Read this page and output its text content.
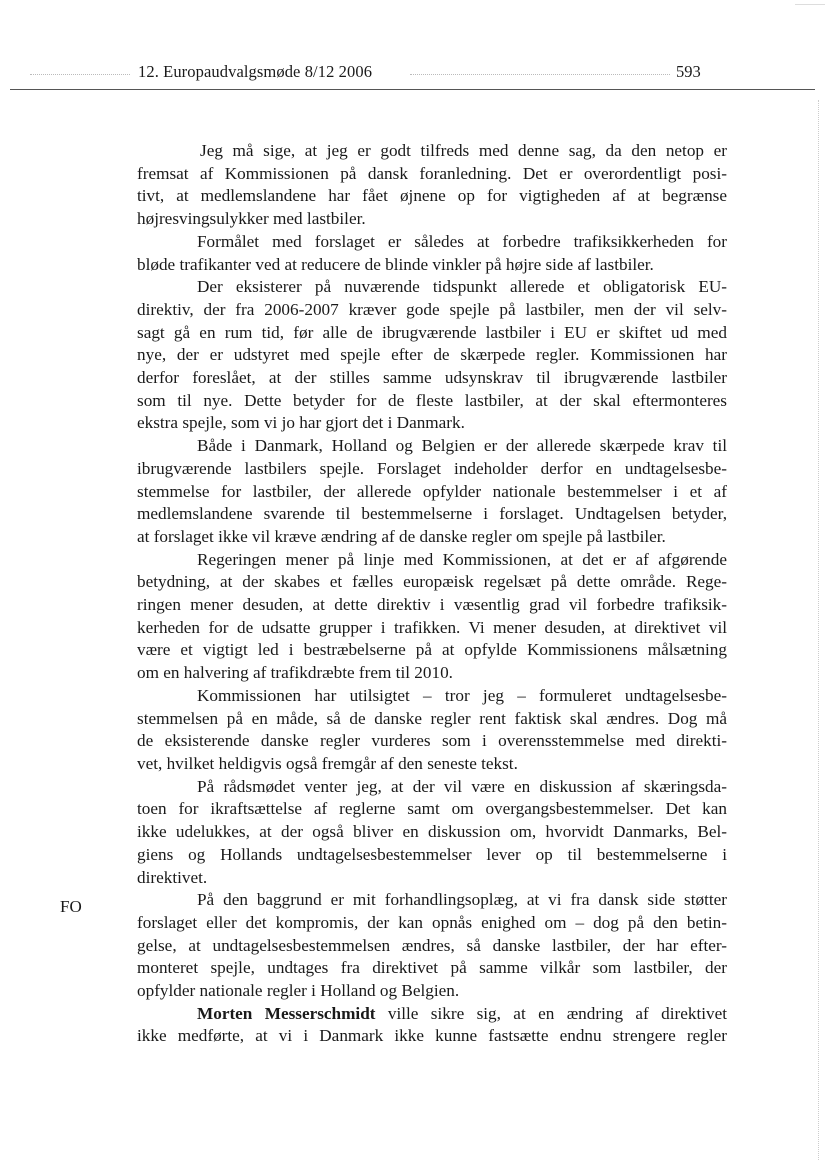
12. Europaudvalgsmøde 8/12 2006	593
FO
Jeg må sige, at jeg er godt tilfreds med denne sag, da den netop er
fremsat af Kommissionen på dansk foranledning. Det er overordentligt posi-
tivt, at medlemslandene har fået øjnene op for vigtigheden af at begrænse
højresvingsulykker med lastbiler.
Formålet med forslaget er således at forbedre trafiksikkerheden for
bløde trafikanter ved at reducere de blinde vinkler på højre side af lastbiler.
Der eksisterer på nuværende tidspunkt allerede et obligatorisk EU-
direktiv, der fra 2006-2007 kræver gode spejle på lastbiler, men der vil selv-
sagt gå en rum tid, før alle de ibrugværende lastbiler i EU er skiftet ud med
nye, der er udstyret med spejle efter de skærpede regler. Kommissionen har
derfor foreslået, at der stilles samme udsynskrav til ibrugværende lastbiler
som til nye. Dette betyder for de fleste lastbiler, at der skal eftermonteres
ekstra spejle, som vi jo har gjort det i Danmark.
Både i Danmark, Holland og Belgien er der allerede skærpede krav til
ibrugværende lastbilers spejle. Forslaget indeholder derfor en undtagelsesbe-
stemmelse for lastbiler, der allerede opfylder nationale bestemmelser i et af
medlemslandene svarende til bestemmelserne i forslaget. Undtagelsen betyder,
at forslaget ikke vil kræve ændring af de danske regler om spejle på lastbiler.
Regeringen mener på linje med Kommissionen, at det er af afgørende
betydning, at der skabes et fælles europæisk regelsæt på dette område. Rege-
ringen mener desuden, at dette direktiv i væsentlig grad vil forbedre trafiksik-
kerheden for de udsatte grupper i trafikken. Vi mener desuden, at direktivet vil
være et vigtigt led i bestræbelserne på at opfylde Kommissionens målsætning
om en halvering af trafikdræbte frem til 2010.
Kommissionen har utilsigtet – tror jeg – formuleret undtagelsesbe-
stemmelsen på en måde, så de danske regler rent faktisk skal ændres. Dog må
de eksisterende danske regler vurderes som i overensstemmelse med direkti-
vet, hvilket heldigvis også fremgår af den seneste tekst.
På rådsmødet venter jeg, at der vil være en diskussion af skæringsda-
toen for ikraftsættelse af reglerne samt om overgangsbestemmelser. Det kan
ikke udelukkes, at der også bliver en diskussion om, hvorvidt Danmarks, Bel-
giens og Hollands undtagelsesbestemmelser lever op til bestemmelserne i
direktivet.
På den baggrund er mit forhandlingsoplæg, at vi fra dansk side støtter
forslaget eller det kompromis, der kan opnås enighed om – dog på den betin-
gelse, at undtagelsesbestemmelsen ændres, så danske lastbiler, der har efter-
monteret spejle, undtages fra direktivet på samme vilkår som lastbiler, der
opfylder nationale regler i Holland og Belgien.
Morten Messerschmidt ville sikre sig, at en ændring af direktivet
ikke medførte, at vi i Danmark ikke kunne fastsætte endnu strengere regler
